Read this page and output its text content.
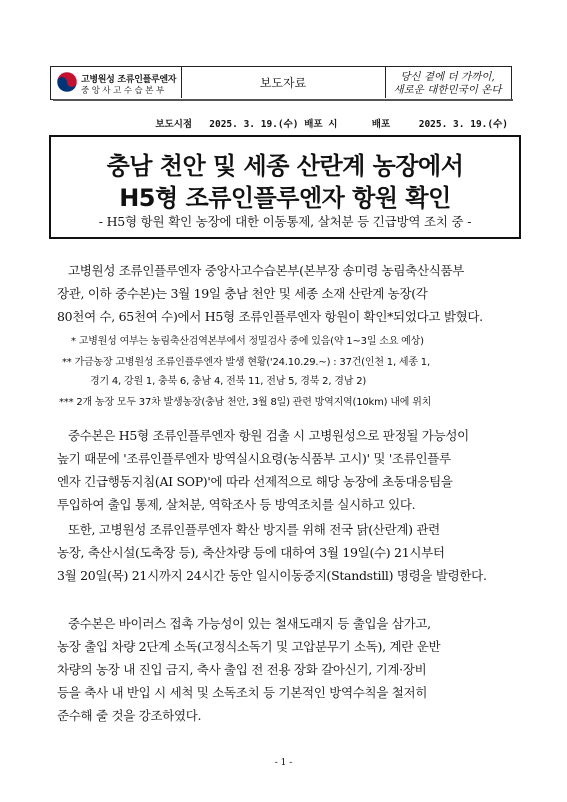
고병원성 조류인플루엔자
중앙사고수습본부
보도자료	당신 곁에 더 가까이,
새로운 대한민국이 온다
보도시점   2025. 3. 19.(수) 배포 시      배포     2025. 3. 19.(수)
충남 천안 및 세종 산란계 농장에서
H5형 조류인플루엔자 항원 확인
- H5형 항원 확인 농장에 대한 이동통제, 살처분 등 긴급방역 조치 중 -
고병원성 조류인플루엔자 중앙사고수습본부(본부장 송미령 농림축산식품부
장관, 이하 중수본)는 3월 19일 충남 천안 및 세종 소재 산란계 농장(각
80천여 수, 65천여 수)에서 H5형 조류인플루엔자 항원이 확인*되었다고 밝혔다.
* 고병원성 여부는 농림축산검역본부에서 정밀검사 중에 있음(약 1~3일 소요 예상)
** 가금농장 고병원성 조류인플루엔자 발생 현황('24.10.29.~) : 37건(인천 1, 세종 1,
경기 4, 강원 1, 충북 6, 충남 4, 전북 11, 전남 5, 경북 2, 경남 2)
*** 2개 농장 모두 37차 발생농장(충남 천안, 3월 8일) 관련 방역지역(10km) 내에 위치
중수본은 H5형 조류인플루엔자 항원 검출 시 고병원성으로 판정될 가능성이
높기 때문에 '조류인플루엔자 방역실시요령(농식품부 고시)' 및 '조류인플루
엔자 긴급행동지침(AI SOP)'에 따라 선제적으로 해당 농장에 초동대응팀을
투입하여 출입 통제, 살처분, 역학조사 등 방역조치를 실시하고 있다.
또한, 고병원성 조류인플루엔자 확산 방지를 위해 전국 닭(산란계) 관련
농장, 축산시설(도축장 등), 축산차량 등에 대하여 3월 19일(수) 21시부터
3월 20일(목) 21시까지 24시간 동안 일시이동중지(Standstill) 명령을 발령한다.
중수본은 바이러스 접촉 가능성이 있는 철새도래지 등 출입을 삼가고,
농장 출입 차량 2단계 소독(고정식소독기 및 고압분무기 소독), 계란 운반
차량의 농장 내 진입 금지, 축사 출입 전 전용 장화 갈아신기, 기계·장비
등을 축사 내 반입 시 세척 및 소독조치 등 기본적인 방역수칙을 철저히
준수해 줄 것을 강조하였다.
- 1 -
